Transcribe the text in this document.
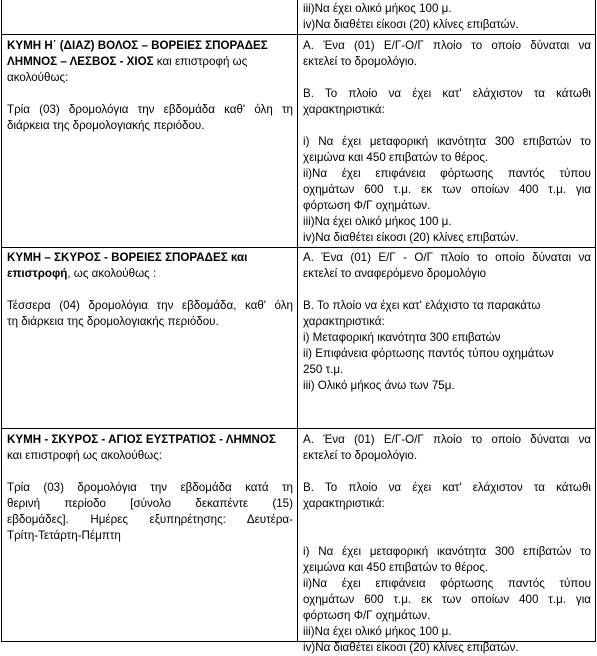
iii)Να έχει ολικό μήκος 100 μ.

iv)Να διαθέτει είκοσι (20) κλίνες επιβατών.

ΚΥΜΗ Η΄ (ΔΙΑΖ) ΒΟΛΟΣ – ΒΟΡΕΙΕΣ ΣΠΟΡΑΔΕΣ

ΛΗΜΝΟΣ – ΛΕΣΒΟΣ - ΧΙΟΣ και επιστροφή ως

ακολούθως:

Τρία (03) δρομολόγια την εβδομάδα καθ' όλη τη

διάρκεια της δρομολογιακής περιόδου.

Α. Ένα (01) Ε/Γ-Ο/Γ πλοίο το οποίο δύναται να

εκτελεί το δρομολόγιο.

Β. Το πλοίο να έχει κατ' ελάχιστον τα κάτωθι

χαρακτηριστικά:

i) Να έχει μεταφορική ικανότητα 300 επιβατών το

χειμώνα και 450 επιβατών το θέρος.

ii)Να έχει επιφάνεια φόρτωσης παντός τύπου

οχημάτων 600 τ.μ. εκ των οποίων 400 τ.μ. για

φόρτωση Φ/Γ οχημάτων.

iii)Να έχει ολικό μήκος 100 μ.

iv)Να διαθέτει είκοσι (20) κλίνες επιβατών.

ΚΥΜΗ – ΣΚΥΡΟΣ - ΒΟΡΕΙΕΣ ΣΠΟΡΑΔΕΣ και

επιστροφή, ως ακολούθως :

Τέσσερα (04) δρομολόγια την εβδομάδα, καθ' όλη

τη διάρκεια της δρομολογιακής περιόδου.

Α. Ένα (01) Ε/Γ - Ο/Γ πλοίο το οποίο δύναται να

εκτελεί το αναφερόμενο δρομολόγιο

Β. Το πλοίο να έχει κατ' ελάχιστο τα παρακάτω

χαρακτηριστικά:

i) Μεταφορική ικανότητα 300 επιβατών

ii) Επιφάνεια φόρτωσης παντός τύπου οχημάτων

250 τ.μ.

iii) Ολικό μήκος άνω των 75μ.

ΚΥΜΗ - ΣΚΥΡΟΣ - ΑΓΙΟΣ ΕΥΣΤΡΑΤΙΟΣ - ΛΗΜΝΟΣ

και επιστροφή ως ακολούθως:

Τρία (03) δρομολόγια την εβδομάδα κατά τη

θερινή περίοδο [σύνολο δεκαπέντε (15)

εβδομάδες]. Ημέρες εξυπηρέτησης: Δευτέρα-

Τρίτη-Τετάρτη-Πέμπτη

Α. Ένα (01) Ε/Γ-Ο/Γ πλοίο το οποίο δύναται να

εκτελεί το δρομολόγιο.

Β. Το πλοίο να έχει κατ' ελάχιστον τα κάτωθι

χαρακτηριστικά:

i) Να έχει μεταφορική ικανότητα 300 επιβατών το

χειμώνα και 450 επιβατών το θέρος.

ii)Να έχει επιφάνεια φόρτωσης παντός τύπου

οχημάτων 600 τ.μ. εκ των οποίων 400 τ.μ. για

φόρτωση Φ/Γ οχημάτων.

iii)Να έχει ολικό μήκος 100 μ.

iv)Να διαθέτει είκοσι (20) κλίνες επιβατών.
